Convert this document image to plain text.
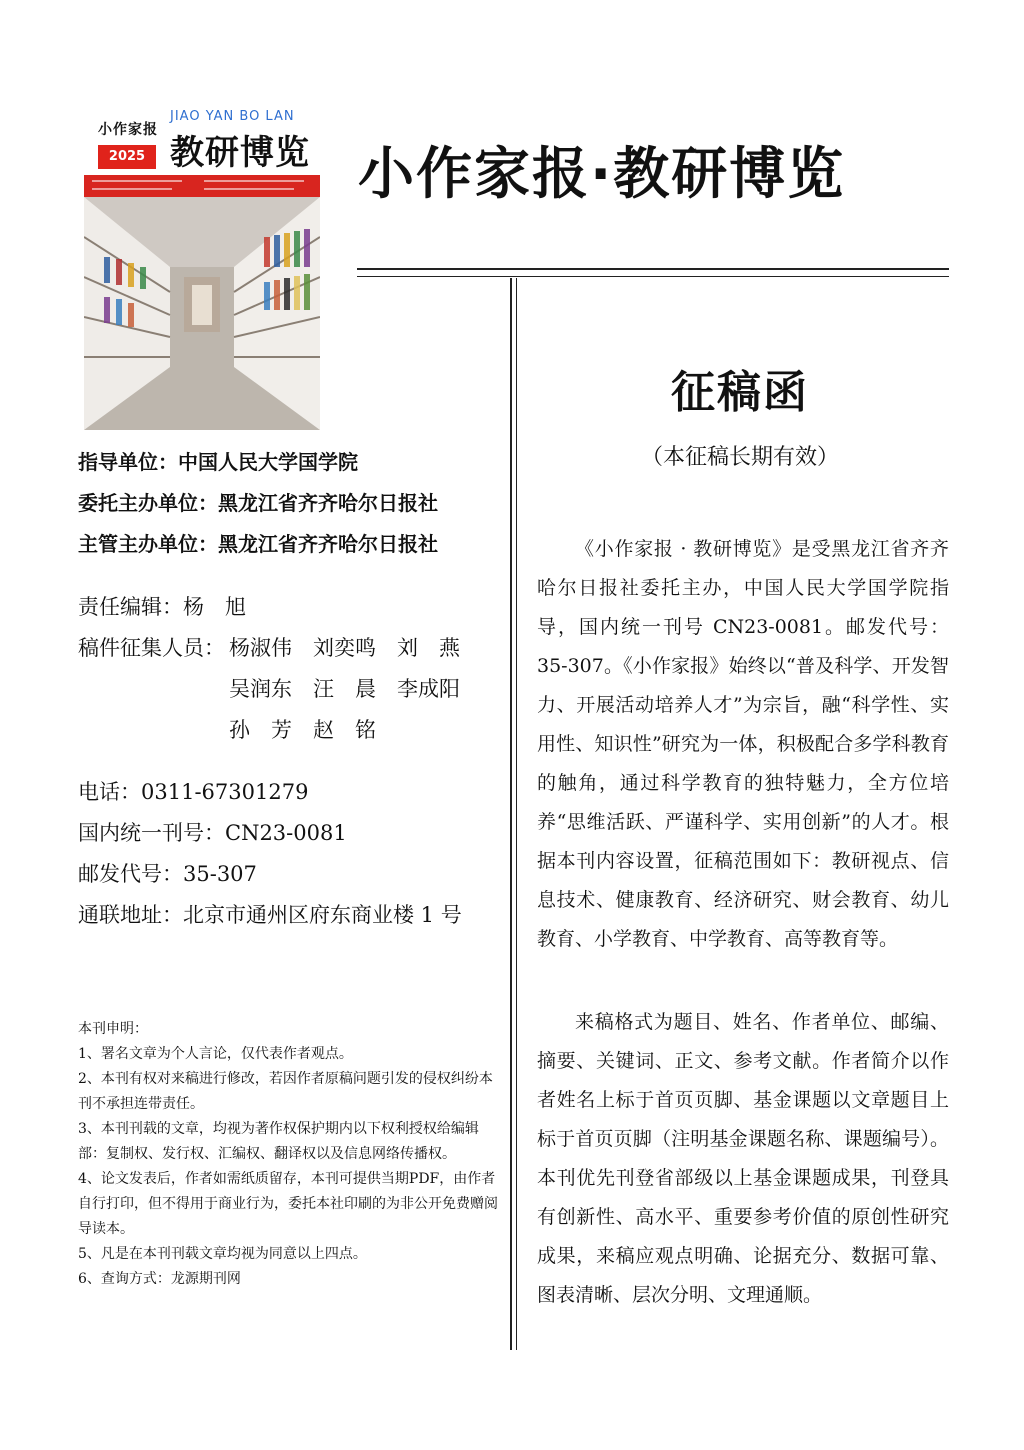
小作家报
2025
JIAO YAN BO LAN
教研博览 小作家报·教研博览
指导单位：中国人民大学国学院
委托主办单位：黑龙江省齐齐哈尔日报社
主管主办单位：黑龙江省齐齐哈尔日报社
责任编辑：杨　旭
稿件征集人员： 杨淑伟　刘奕鸣　刘　燕
吴润东　汪　晨　李成阳
孙　芳　赵　铭
电话：0311-67301279
国内统一刊号：CN23-0081
邮发代号：35-307
通联地址：北京市通州区府东商业楼 1 号
本刊申明：
1、署名文章为个人言论，仅代表作者观点。
2、本刊有权对来稿进行修改，若因作者原稿问题引发的侵权纠纷本刊不承担连带责任。
3、本刊刊载的文章，均视为著作权保护期内以下权利授权给编辑部：复制权、发行权、汇编权、翻译权以及信息网络传播权。
4、论文发表后，作者如需纸质留存，本刊可提供当期PDF，由作者自行打印，但不得用于商业行为，委托本社印刷的为非公开免费赠阅导读本。
5、凡是在本刊刊载文章均视为同意以上四点。
6、查询方式：龙源期刊网
征稿函
（本征稿长期有效）

《小作家报 · 教研博览》是受黑龙江省齐齐哈尔日报社委托主办，中国人民大学国学院指导，国内统一刊号 CN23-0081。邮发代号：35-307。《小作家报》始终以“普及科学、开发智力、开展活动培养人才”为宗旨，融“科学性、实用性、知识性”研究为一体，积极配合多学科教育的触角，通过科学教育的独特魅力，全方位培养“思维活跃、严谨科学、实用创新”的人才。根据本刊内容设置，征稿范围如下：教研视点、信息技术、健康教育、经济研究、财会教育、幼儿教育、小学教育、中学教育、高等教育等。

来稿格式为题目、姓名、作者单位、邮编、摘要、关键词、正文、参考文献。作者简介以作者姓名上标于首页页脚、基金课题以文章题目上标于首页页脚（注明基金课题名称、课题编号）。本刊优先刊登省部级以上基金课题成果，刊登具有创新性、高水平、重要参考价值的原创性研究成果，来稿应观点明确、论据充分、数据可靠、图表清晰、层次分明、文理通顺。
